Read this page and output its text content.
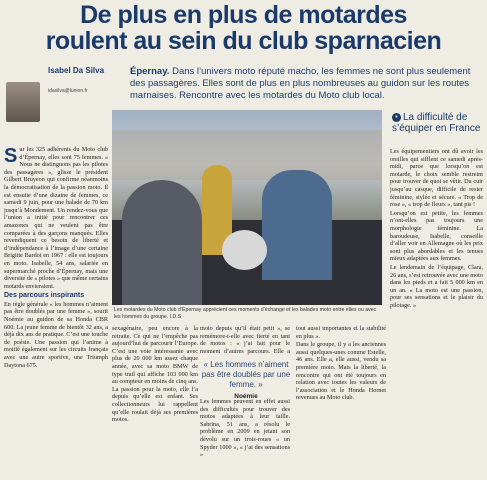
De plus en plus de motardes
roulent au sein du club sparnacien
Isabel Da Silva
idasilva@lunion.fr
Épernay. Dans l’univers moto réputé macho, les femmes ne sont plus seulement des passagères. Elles sont de plus en plus nombreuses au guidon sur les routes marnaises. Rencontre avec les motardes du Moto club local.
Les motardes du Moto club d’Épernay apprécient ces moments d’échange et les balades moto entre elles ou avec les hommes du groupe. I.D.S

Sur les 325 adhérents du Moto club d’Épernay, elles sont 75 femmes. « Nous ne distinguons pas les pilotes des passagères », glisse le président Gilbert Bruyeon qui confirme néanmoins la démocratisation de la passion moto. Il est ensuite d’une dizaine de femmes, ce samedi 9 juin, pour une balade de 70 km jusqu’à Mondement. Un rendez-vous que l’union a initié pour rencontrer ces amazones qui ne veulent pas être comparées à des garçons manqués. Elles revendiquent ce besoin de liberté et d’indépendance à l’image d’une certaine Brigitte Bardot en 1967 : elle est toujours en moto. Isabelle, 54 ans, salariée en supermarché proche d’Épernay, mais une diversité de « pilotes » que même certains motards envieraient.

Des parcours inspirants

En règle générale « les hommes n’aiment pas être doublés par une femme », sourit Noémie au guidon de sa Honda CBR 600. La jeune femme de bientôt 32 ans, a déjà dix ans de pratique. C’est une touche de poésie. Une passion qui l’anime à moitié également sur les circuits français avec une autre sportive, une Triumph Daytona 675.

sexagénaire, peu encore à la retraite. Ce qui ne l’empêche pas aujourd’hui de parcourir l’Europe. C’est une voie intéressante avec plus de 20 000 km assez chaque année, avec sa moto BMW de type trail qui affiche 103 000 km au compteur en moins de cinq ans. La passion pour la moto, elle l’a depuis qu’elle est enfant. Ses collectionneurs lui rappellent qu’elle roulait déjà ses premières motos.

moto depuis qu’il était petit », se remémore-t-elle avec fierté en tant de motos : « j’ai fait pour le moment d’autres parcours. Elle a

« Les hommes n’aiment pas être doublés par une femme. »
Noémie

Les femmes peuvent en effet aussi des difficultés pour trouver des motos adaptées à leur taille. Sabrina, 51 ans, a résolu le problème en 2009 en jetant son dévolu sur un trois-roues « un Spyder 1000 », « j’ai des sensations »

tout aussi importantes et la stabilité en plus ».

Dans le groupe, il y a les anciennes aussi quelques-unes comme Estelle, 46 ans. Elle a, elle aussi, vendu sa première moto. Mais la liberté, la rencontre qui ont été toujours en relation avec toutes les valeurs de l’association et le Honda Hornet revenues au Moto club.

• La difficulté de s’équiper en France

Les équipementiers ont dû avoir les oreilles qui sifflent ce samedi après-midi, parce que lorsqu’on est motarde, le choix semble restreint pour trouver de quoi se vêtir. Du cuir jusqu’au casque, difficile de rester féminine, stylée et sécure. « Trop de rose », « trop de fleurs », tant pis !

Lorsqu’on est petite, les femmes n’ont-elles pas toujours une morphologie féminine. La baroudeuse, Isabelle, conseille d’aller voir en Allemagne où les prix sont plus abordables et les tenues mieux adaptées aux femmes.

Le lendemain de l’équipage, Clara, 26 ans, s’est retrouvée avec une moto dans les pieds et a fait 5 000 km en un an. « La moto est une passion, pour ses sensations et le plaisir du pilotage. »
